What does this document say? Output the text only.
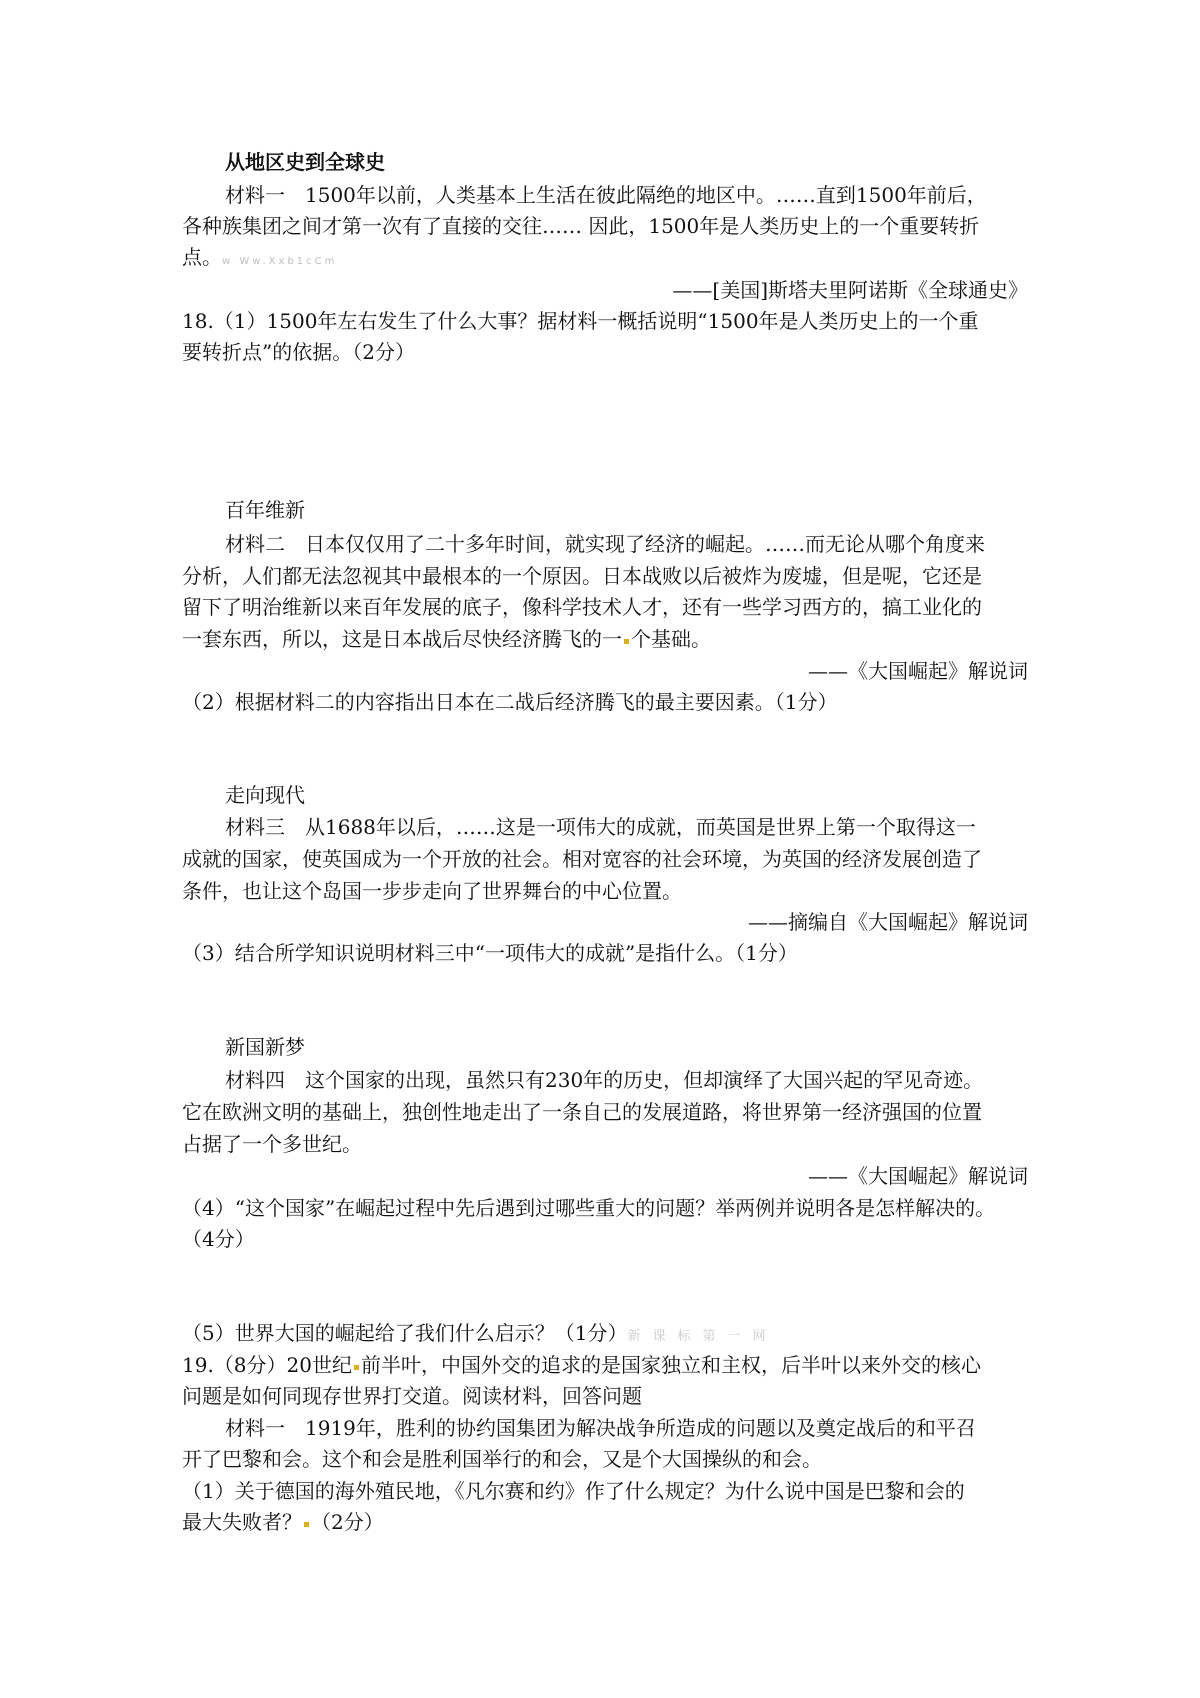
从地区史到全球史
材料一　1500年以前，人类基本上生活在彼此隔绝的地区中。……直到1500年前后，
各种族集团之间才第一次有了直接的交往…… 因此，1500年是人类历史上的一个重要转折
点。w Ww.Xxb1cCm
——[美国]斯塔夫里阿诺斯《全球通史》
18.（1）1500年左右发生了什么大事？据材料一概括说明“1500年是人类历史上的一个重
要转折点”的依据。（2分）
百年维新
材料二　日本仅仅用了二十多年时间，就实现了经济的崛起。……而无论从哪个角度来
分析，人们都无法忽视其中最根本的一个原因。日本战败以后被炸为废墟，但是呢，它还是
留下了明治维新以来百年发展的底子，像科学技术人才，还有一些学习西方的，搞工业化的
一套东西，所以，这是日本战后尽快经济腾飞的一 个基础。
——《大国崛起》解说词
（2）根据材料二的内容指出日本在二战后经济腾飞的最主要因素。（1分）
走向现代
材料三　从1688年以后，……这是一项伟大的成就，而英国是世界上第一个取得这一
成就的国家，使英国成为一个开放的社会。相对宽容的社会环境，为英国的经济发展创造了
条件，也让这个岛国一步步走向了世界舞台的中心位置。
——摘编自《大国崛起》解说词
（3）结合所学知识说明材料三中“一项伟大的成就”是指什么。（1分）
新国新梦
材料四　这个国家的出现，虽然只有230年的历史，但却演绎了大国兴起的罕见奇迹。
它在欧洲文明的基础上，独创性地走出了一条自己的发展道路，将世界第一经济强国的位置
占据了一个多世纪。
——《大国崛起》解说词
（4）“这个国家”在崛起过程中先后遇到过哪些重大的问题？举两例并说明各是怎样解决的。
（4分）
（5）世界大国的崛起给了我们什么启示？（1分）新课标第一网
19.（8分）20世纪 前半叶，中国外交的追求的是国家独立和主权，后半叶以来外交的核心
问题是如何同现存世界打交道。阅读材料，回答问题
材料一　1919年，胜利的协约国集团为解决战争所造成的问题以及奠定战后的和平召
开了巴黎和会。这个和会是胜利国举行的和会，又是个大国操纵的和会。
（1）关于德国的海外殖民地，《凡尔赛和约》作了什么规定？为什么说中国是巴黎和会的
最大失败者？ （2分）
